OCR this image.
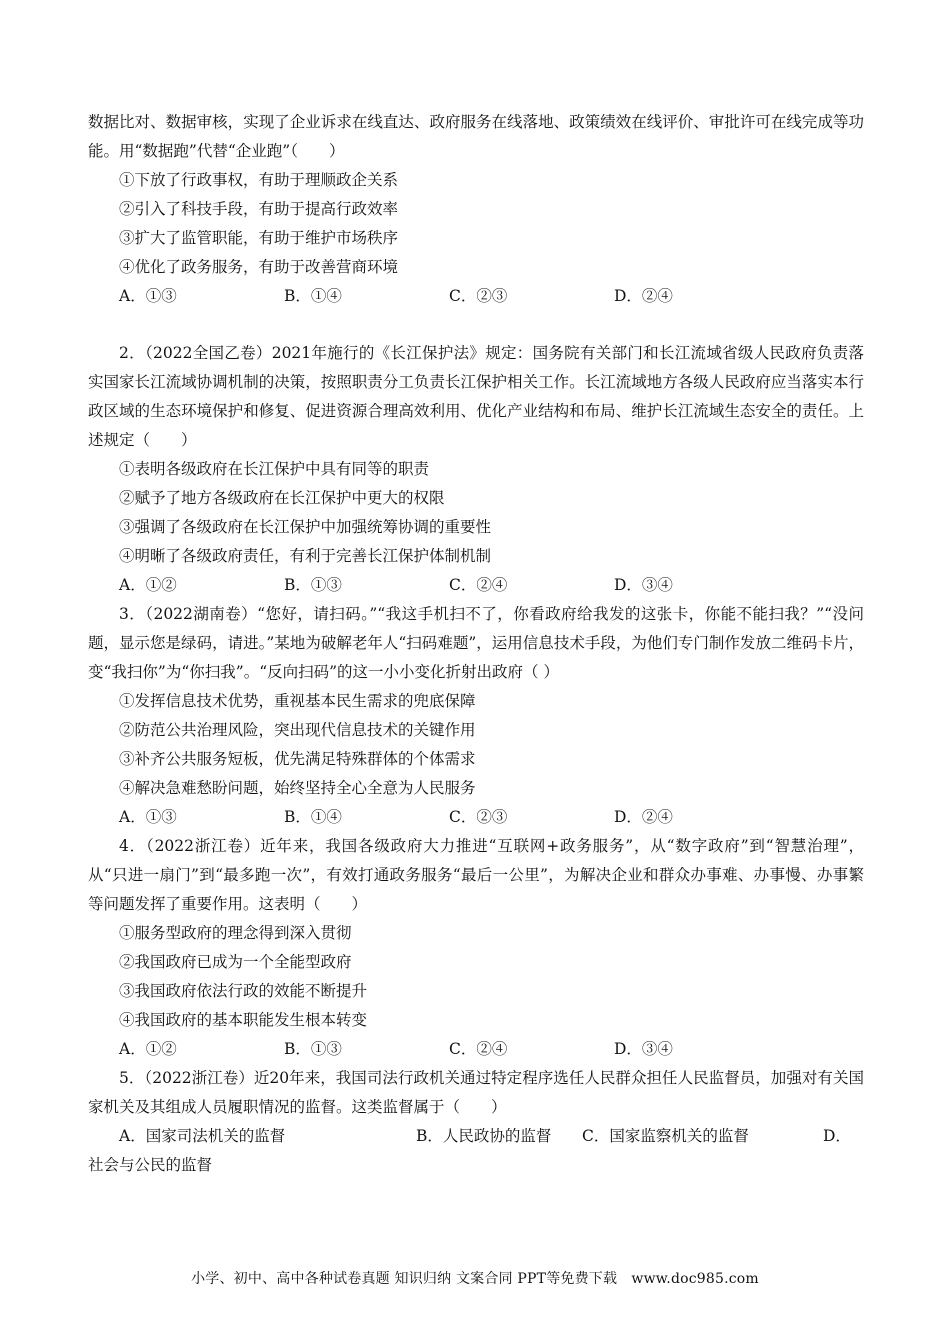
数据比对、数据审核，实现了企业诉求在线直达、政府服务在线落地、政策绩效在线评价、审批许可在线完成等功能。用“数据跑”代替“企业跑”（　　）

①下放了行政事权，有助于理顺政企关系

②引入了科技手段，有助于提高行政效率

③扩大了监管职能，有助于维护市场秩序

④优化了政务服务，有助于改善营商环境

A．①③	B．①④	C．②③	D．②④

2．（2022全国乙卷）2021年施行的《长江保护法》规定：国务院有关部门和长江流域省级人民政府负责落实国家长江流域协调机制的决策，按照职责分工负责长江保护相关工作。长江流域地方各级人民政府应当落实本行政区域的生态环境保护和修复、促进资源合理高效利用、优化产业结构和布局、维护长江流域生态安全的责任。上述规定（　　）

①表明各级政府在长江保护中具有同等的职责

②赋予了地方各级政府在长江保护中更大的权限

③强调了各级政府在长江保护中加强统筹协调的重要性

④明晰了各级政府责任，有利于完善长江保护体制机制

A．①②	B．①③	C．②④	D．③④

3．（2022湖南卷）“您好，请扫码。”“我这手机扫不了，你看政府给我发的这张卡，你能不能扫我？”“没问题，显示您是绿码，请进。”某地为破解老年人“扫码难题”，运用信息技术手段，为他们专门制作发放二维码卡片，变“我扫你”为“你扫我”。“反向扫码”的这一小小变化折射出政府（ ）

①发挥信息技术优势，重视基本民生需求的兜底保障

②防范公共治理风险，突出现代信息技术的关键作用

③补齐公共服务短板，优先满足特殊群体的个体需求

④解决急难愁盼问题，始终坚持全心全意为人民服务

A．①③	B．①④	C．②③	D．②④

4．（2022浙江卷）近年来，我国各级政府大力推进“互联网+政务服务”，从“数字政府”到“智慧治理”，从“只进一扇门”到“最多跑一次”，有效打通政务服务“最后一公里”，为解决企业和群众办事难、办事慢、办事繁等问题发挥了重要作用。这表明（　　）

①服务型政府的理念得到深入贯彻

②我国政府已成为一个全能型政府

③我国政府依法行政的效能不断提升

④我国政府的基本职能发生根本转变

A．①②	B．①③	C．②④	D．③④

5．（2022浙江卷）近20年来，我国司法行政机关通过特定程序选任人民群众担任人民监督员，加强对有关国家机关及其组成人员履职情况的监督。这类监督属于（　　）

A．国家司法机关的监督	B．人民政协的监督 C．国家监察机关的监督	D．

社会与公民的监督

小学、初中、高中各种试卷真题 知识归纳 文案合同 PPT等免费下载　www.doc985.com
